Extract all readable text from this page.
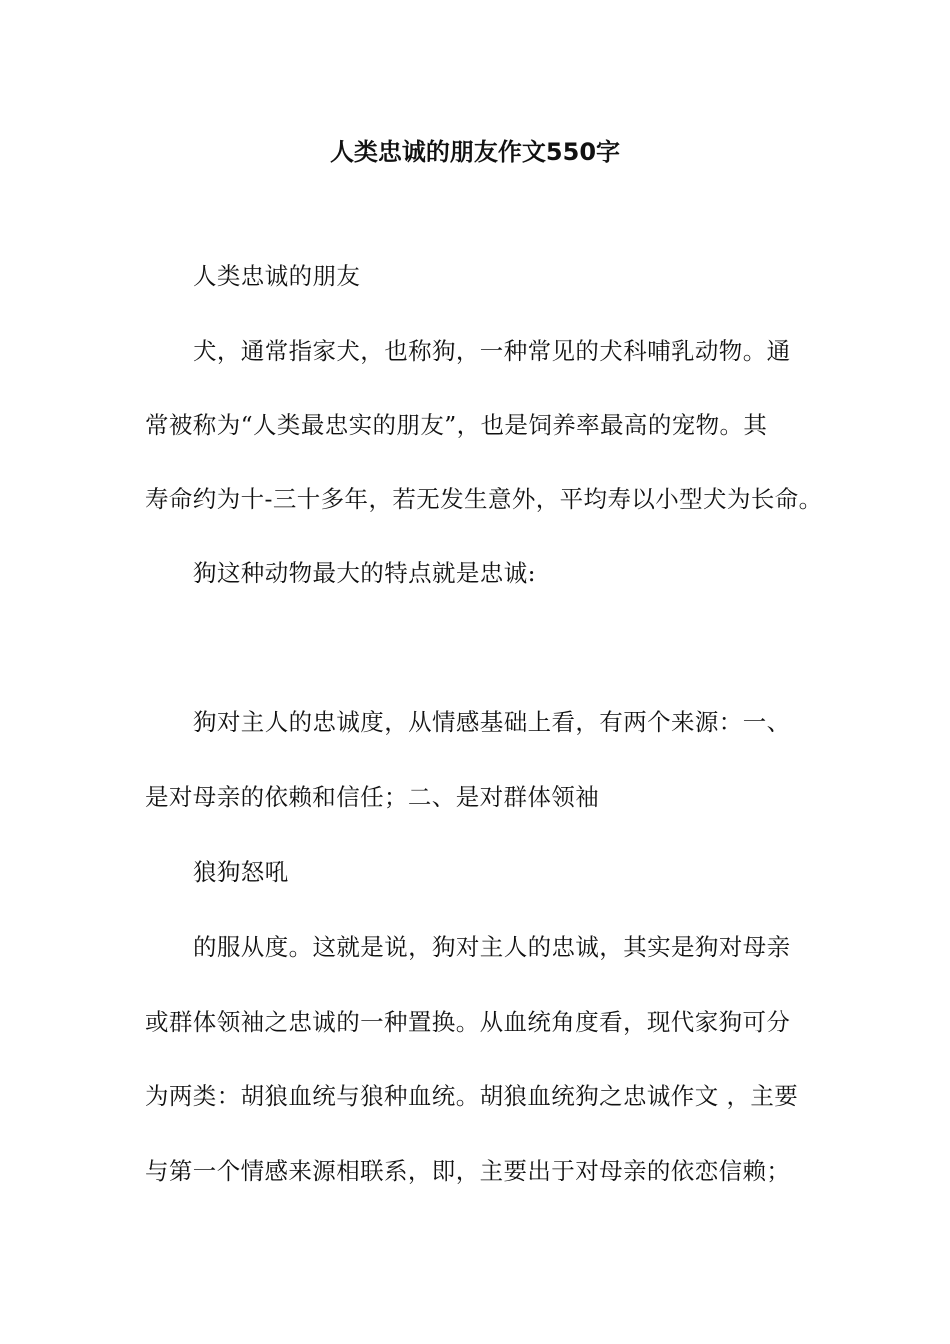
人类忠诚的朋友作文550字
人类忠诚的朋友
犬，通常指家犬，也称狗，一种常见的犬科哺乳动物。通
常被称为“人类最忠实的朋友”，也是饲养率最高的宠物。其
寿命约为十-三十多年，若无发生意外，平均寿以小型犬为长命。
狗这种动物最大的特点就是忠诚:
狗对主人的忠诚度，从情感基础上看，有两个来源：一、
是对母亲的依赖和信任；二、是对群体领袖
狼狗怒吼
的服从度。这就是说，狗对主人的忠诚，其实是狗对母亲
或群体领袖之忠诚的一种置换。从血统角度看，现代家狗可分
为两类：胡狼血统与狼种血统。胡狼血统狗之忠诚作文 ，主要
与第一个情感来源相联系，即，主要出于对母亲的依恋信赖；
